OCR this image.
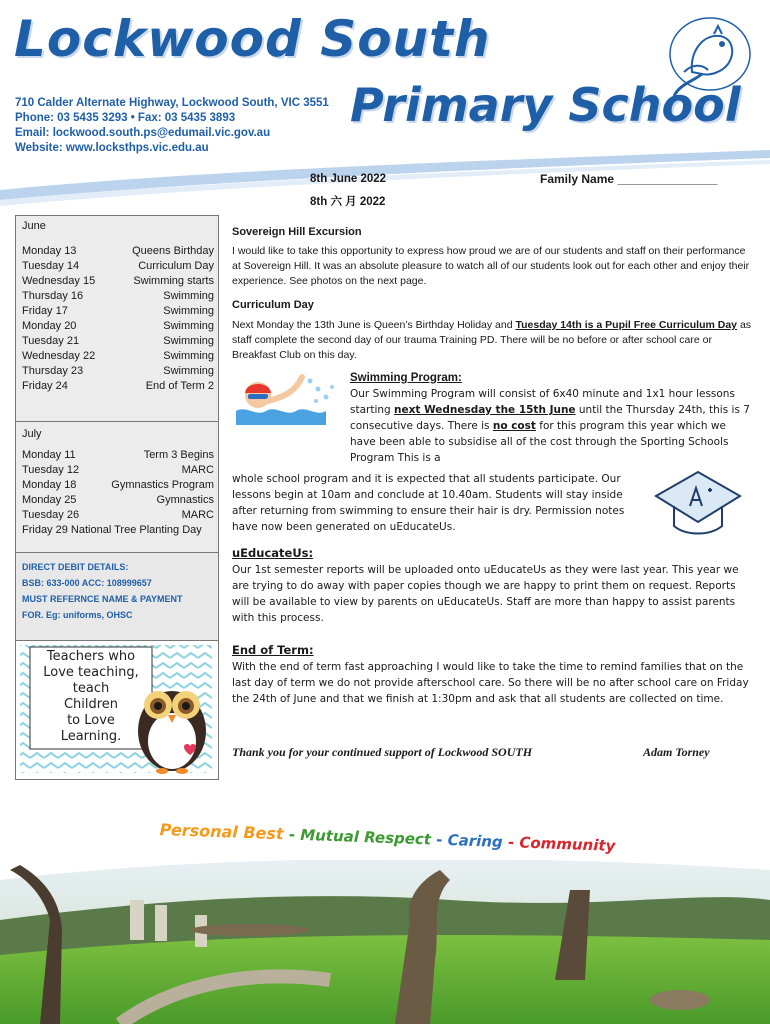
Lockwood South
Primary School
710 Calder Alternate Highway, Lockwood South, VIC 3551
Phone: 03 5435 3293 • Fax: 03 5435 3893
Email: lockwood.south.ps@edumail.vic.gov.au
Website: www.locksthps.vic.edu.au
8th June 2022
8th 六 月 2022
Family Name _______________
June
Monday 13	Queens Birthday
Tuesday 14	Curriculum Day
Wednesday 15	Swimming starts
Thursday 16	Swimming
Friday 17	Swimming
Monday 20	Swimming
Tuesday 21	Swimming
Wednesday 22	Swimming
Thursday 23	Swimming
Friday 24	End of Term 2
July
Monday 11	Term 3 Begins
Tuesday 12	MARC
Monday 18	Gymnastics Program
Monday 25	Gymnastics
Tuesday 26	MARC
Friday 29 National Tree Planting Day
DIRECT DEBIT DETAILS:
BSB: 633-000 ACC: 108999657
MUST REFERNCE NAME & PAYMENT
FOR. Eg: uniforms, OHSC
Teachers who
Love teaching,
teach
Children
to Love
Learning.
Sovereign Hill Excursion
I would like to take this opportunity to express how proud we are of our students and staff on their performance at Sovereign Hill. It was an absolute pleasure to watch all of our students look out for each other and enjoy their experience. See photos on the next page.
Curriculum Day
Next Monday the 13th June is Queen’s Birthday Holiday and Tuesday 14th is a Pupil Free Curriculum Day as staff complete the second day of our trauma Training PD. There will be no before or after school care or Breakfast Club on this day.
Swimming Program:
Our Swimming Program will consist of 6x40 minute and 1x1 hour lessons starting next Wednesday the 15th June until the Thursday 24th, this is 7 consecutive days. There is no cost for this program this year which we have been able to subsidise all of the cost through the Sporting Schools Program This is a
whole school program and it is expected that all students participate. Our lessons begin at 10am and conclude at 10.40am. Students will stay inside after returning from swimming to ensure their hair is dry. Permission notes have now been generated on uEducateUs.
uEducateUs:
Our 1st semester reports will be uploaded onto uEducateUs as they were last year. This year we are trying to do away with paper copies though we are happy to print them on request. Reports will be available to view by parents on uEducateUs. Staff are more than happy to assist parents with this process.
End of Term:
With the end of term fast approaching I would like to take the time to remind families that on the last day of term we do not provide afterschool care. So there will be no after school care on Friday the 24th of June and that we finish at 1:30pm and ask that all students are collected on time.
Thank you for your continued support of Lockwood SOUTH	Adam Torney
Personal Best - Mutual Respect - Caring - Community
